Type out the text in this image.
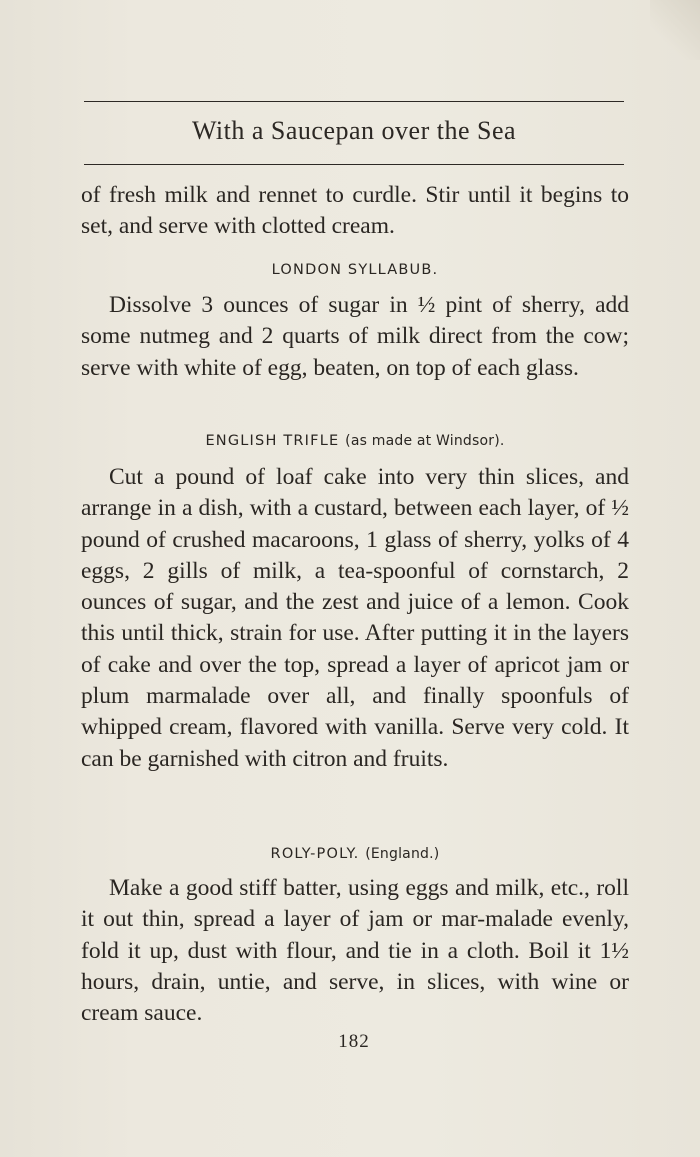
With a Saucepan over the Sea

of fresh milk and rennet to curdle. Stir until it begins to set, and serve with clotted cream.

LONDON SYLLABUB.

Dissolve 3 ounces of sugar in ½ pint of sherry, add some nutmeg and 2 quarts of milk direct from the cow; serve with white of egg, beaten, on top of each glass.

ENGLISH TRIFLE (as made at Windsor).

Cut a pound of loaf cake into very thin slices, and arrange in a dish, with a custard, between each layer, of ½ pound of crushed macaroons, 1 glass of sherry, yolks of 4 eggs, 2 gills of milk, a tea-spoonful of cornstarch, 2 ounces of sugar, and the zest and juice of a lemon. Cook this until thick, strain for use. After putting it in the layers of cake and over the top, spread a layer of apricot jam or plum marmalade over all, and finally spoonfuls of whipped cream, flavored with vanilla. Serve very cold. It can be garnished with citron and fruits.

ROLY-POLY. (England.)

Make a good stiff batter, using eggs and milk, etc., roll it out thin, spread a layer of jam or mar-malade evenly, fold it up, dust with flour, and tie in a cloth. Boil it 1½ hours, drain, untie, and serve, in slices, with wine or cream sauce.

182
